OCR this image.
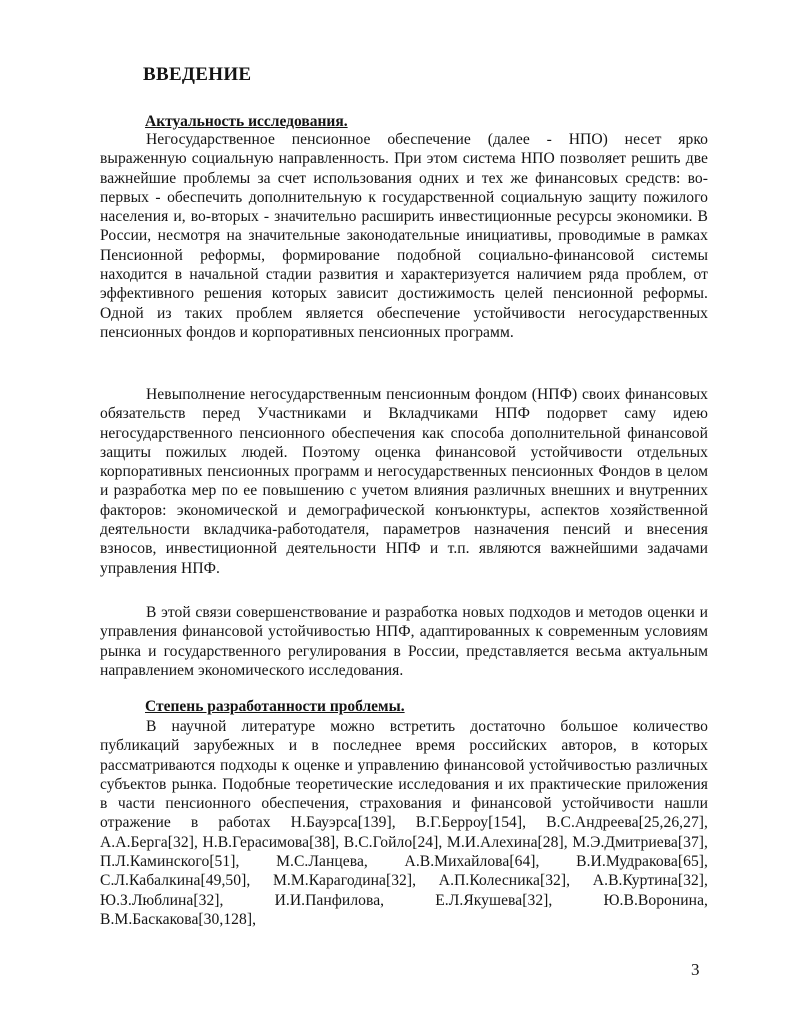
ВВЕДЕНИЕ
Актуальность исследования.

Негосударственное пенсионное обеспечение (далее - НПО) несет ярко выраженную социальную направленность. При этом система НПО позволяет решить две важнейшие проблемы за счет использования одних и тех же финансовых средств: во-первых - обеспечить дополнительную к государственной социальную защиту пожилого населения и, во-вторых - значительно расширить инвестиционные ресурсы экономики. В России, несмотря на значительные законодательные инициативы, проводимые в рамках Пенсионной реформы, формирование подобной социально-финансовой системы находится в начальной стадии развития и характеризуется наличием ряда проблем, от эффективного решения которых зависит достижимость целей пенсионной реформы. Одной из таких проблем является обеспечение устойчивости негосударственных пенсионных фондов и корпоративных пенсионных программ.

Невыполнение негосударственным пенсионным фондом (НПФ) своих финансовых обязательств перед Участниками и Вкладчиками НПФ подорвет саму идею негосударственного пенсионного обеспечения как способа дополнительной финансовой защиты пожилых людей. Поэтому оценка финансовой устойчивости отдельных корпоративных пенсионных программ и негосударственных пенсионных Фондов в целом и разработка мер по ее повышению с учетом влияния различных внешних и внутренних факторов: экономической и демографической конъюнктуры, аспектов хозяйственной деятельности вкладчика-работодателя, параметров назначения пенсий и внесения взносов, инвестиционной деятельности НПФ и т.п. являются важнейшими задачами управления НПФ.

В этой связи совершенствование и разработка новых подходов и методов оценки и управления финансовой устойчивостью НПФ, адаптированных к современным условиям рынка и государственного регулирования в России, представляется весьма актуальным направлением экономического исследования.

Степень разработанности проблемы.

В научной литературе можно встретить достаточно большое количество публикаций зарубежных и в последнее время российских авторов, в которых рассматриваются подходы к оценке и управлению финансовой устойчивостью различных субъектов рынка. Подобные теоретические исследования и их практические приложения в части пенсионного обеспечения, страхования и финансовой устойчивости нашли отражение в работах Н.Бауэрса[139], В.Г.Берроу[154], В.С.Андреева[25,26,27], А.А.Берга[32], Н.В.Герасимова[38], В.С.Гойло[24], М.И.Алехина[28], М.Э.Дмитриева[37], П.Л.Каминского[51], М.С.Ланцева, А.В.Михайлова[64], В.И.Мудракова[65], С.Л.Кабалкина[49,50], М.М.Карагодина[32], А.П.Колесника[32], А.В.Куртина[32], Ю.З.Люблина[32], И.И.Панфилова, Е.Л.Якушева[32], Ю.В.Воронина, В.М.Баскакова[30,128],

3
